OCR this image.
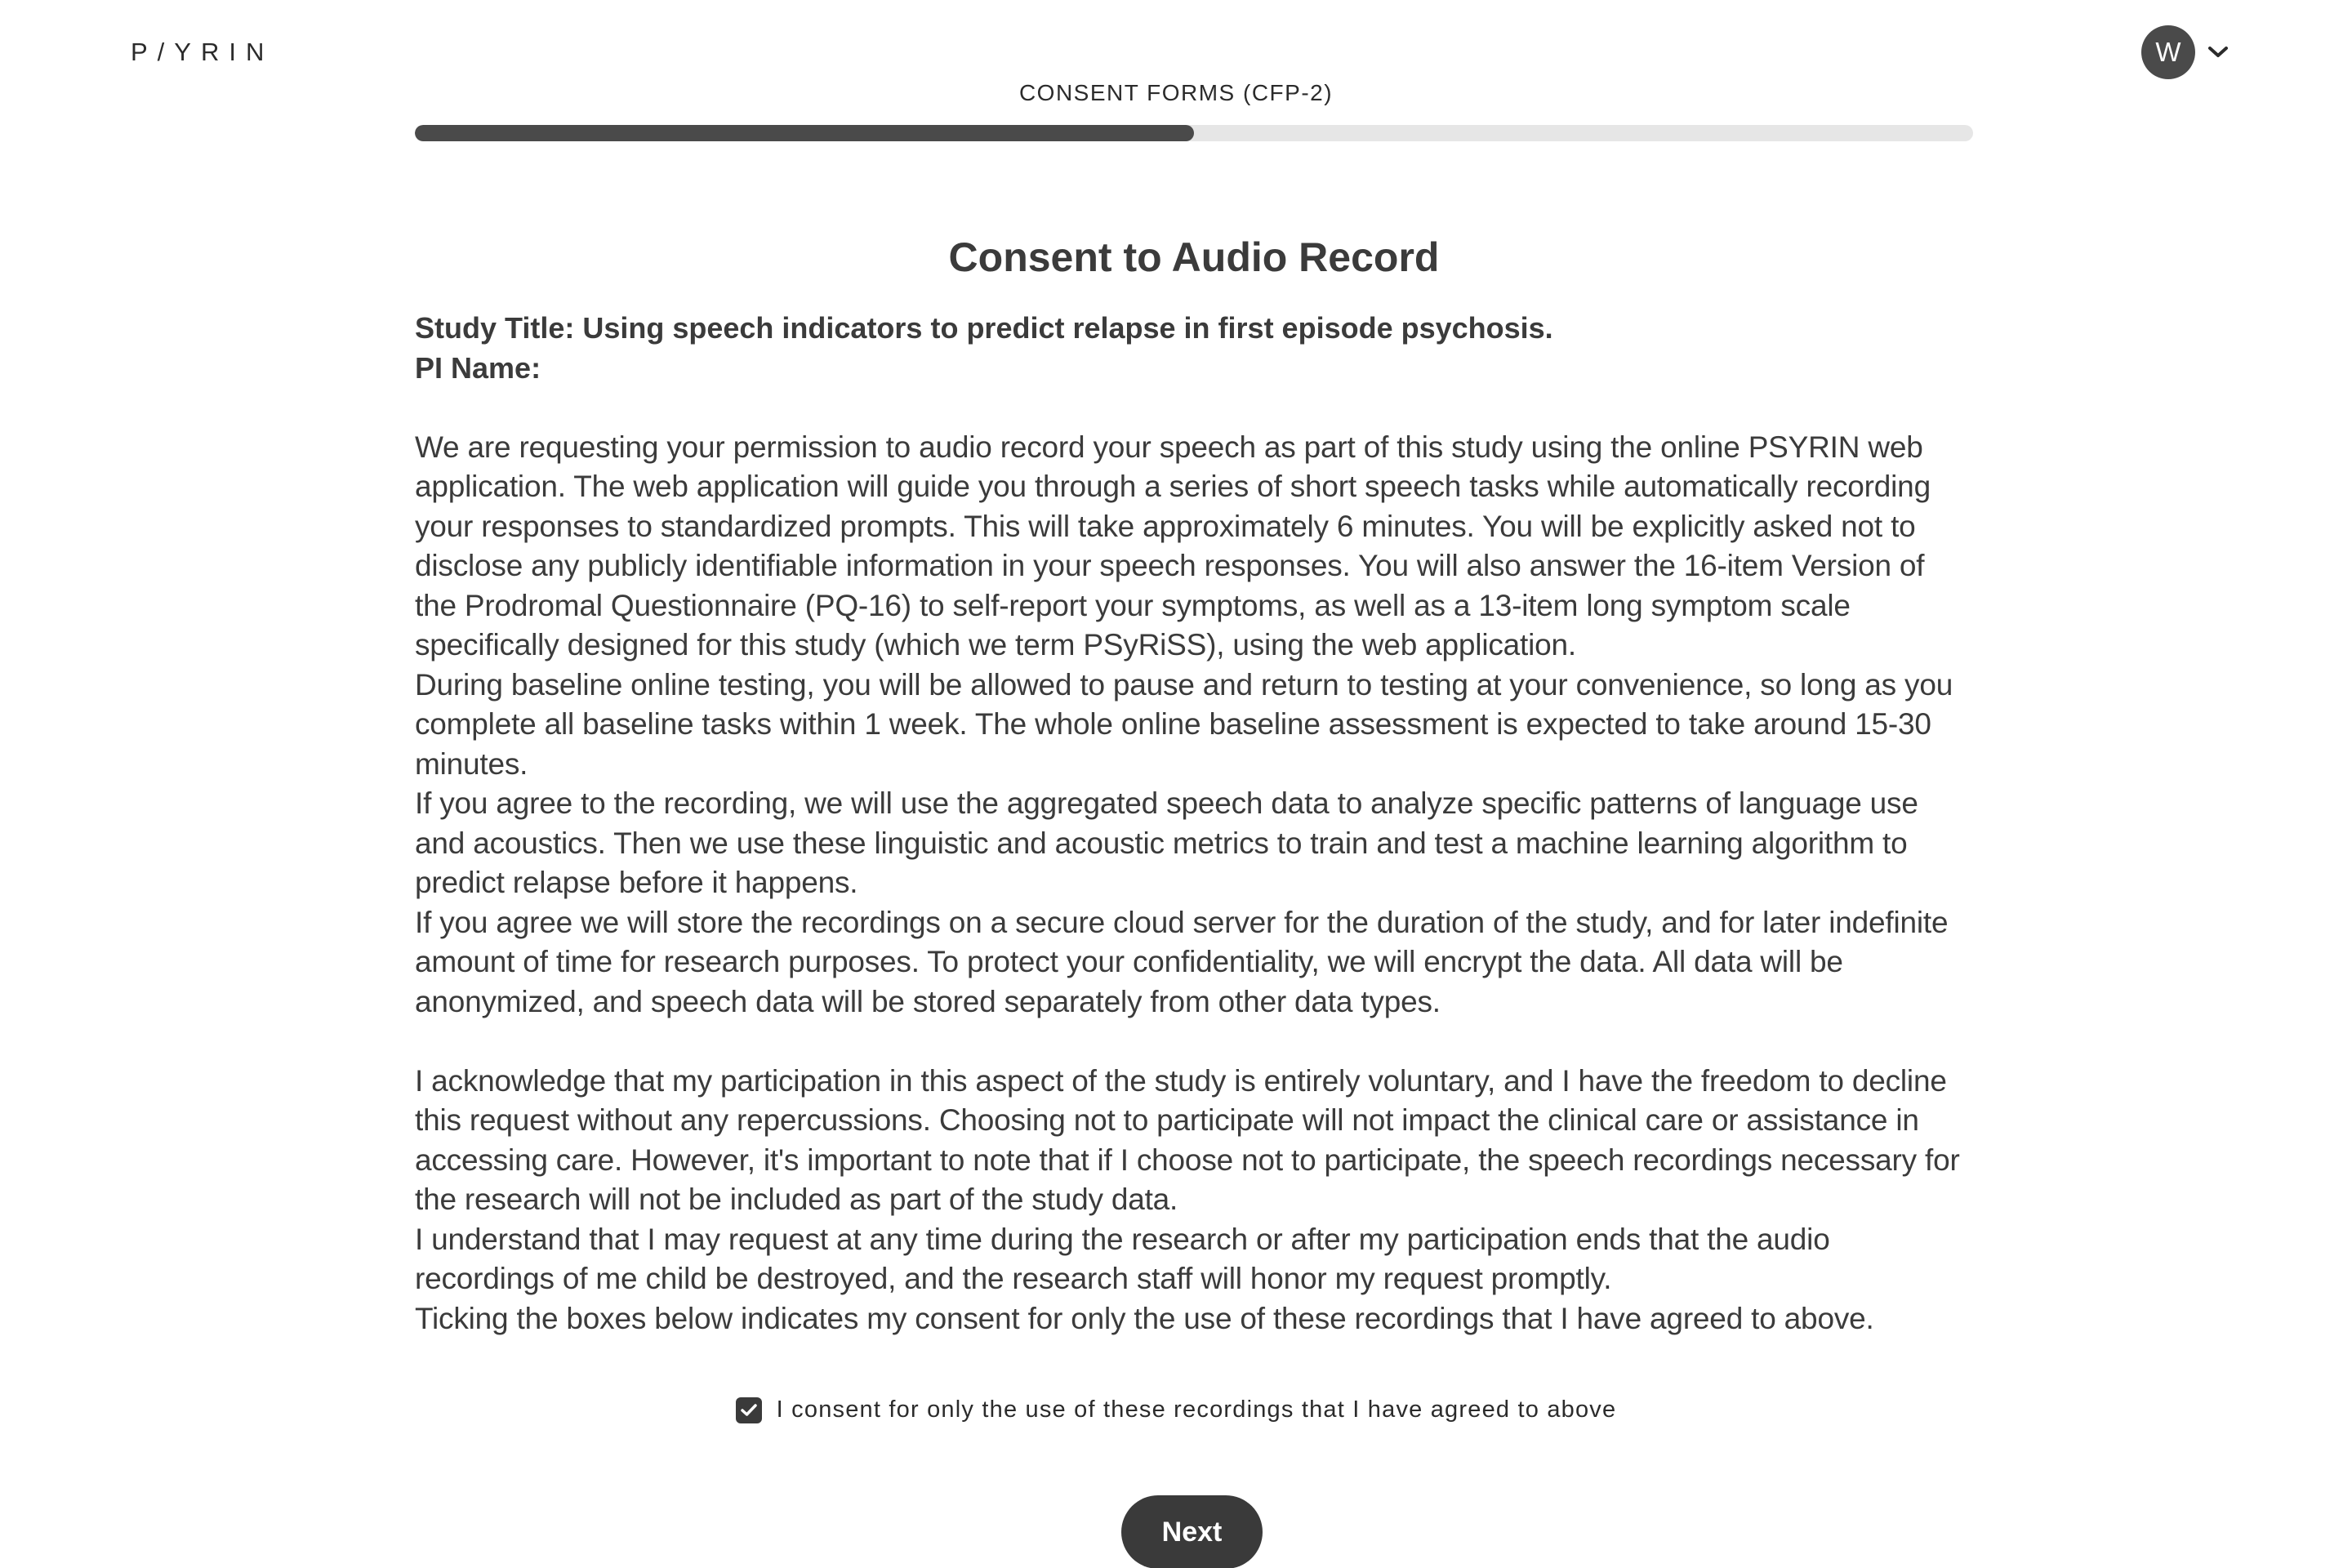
P/YRIN	W
CONSENT FORMS (CFP-2)
Consent to Audio Record
Study Title: Using speech indicators to predict relapse in first episode psychosis.
PI Name:

We are requesting your permission to audio record your speech as part of this study using the online PSYRIN web application. The web application will guide you through a series of short speech tasks while automatically recording your responses to standardized prompts. This will take approximately 6 minutes. You will be explicitly asked not to disclose any publicly identifiable information in your speech responses. You will also answer the 16-item Version of the Prodromal Questionnaire (PQ-16) to self-report your symptoms, as well as a 13-item long symptom scale specifically designed for this study (which we term PSyRiSS), using the web application.

During baseline online testing, you will be allowed to pause and return to testing at your convenience, so long as you complete all baseline tasks within 1 week. The whole online baseline assessment is expected to take around 15-30 minutes.

If you agree to the recording, we will use the aggregated speech data to analyze specific patterns of language use and acoustics. Then we use these linguistic and acoustic metrics to train and test a machine learning algorithm to predict relapse before it happens.

If you agree we will store the recordings on a secure cloud server for the duration of the study, and for later indefinite amount of time for research purposes. To protect your confidentiality, we will encrypt the data. All data will be anonymized, and speech data will be stored separately from other data types.

I acknowledge that my participation in this aspect of the study is entirely voluntary, and I have the freedom to decline this request without any repercussions. Choosing not to participate will not impact the clinical care or assistance in accessing care. However, it's important to note that if I choose not to participate, the speech recordings necessary for the research will not be included as part of the study data.

I understand that I may request at any time during the research or after my participation ends that the audio recordings of me child be destroyed, and the research staff will honor my request promptly.

Ticking the boxes below indicates my consent for only the use of these recordings that I have agreed to above.

I consent for only the use of these recordings that I have agreed to above
Next
